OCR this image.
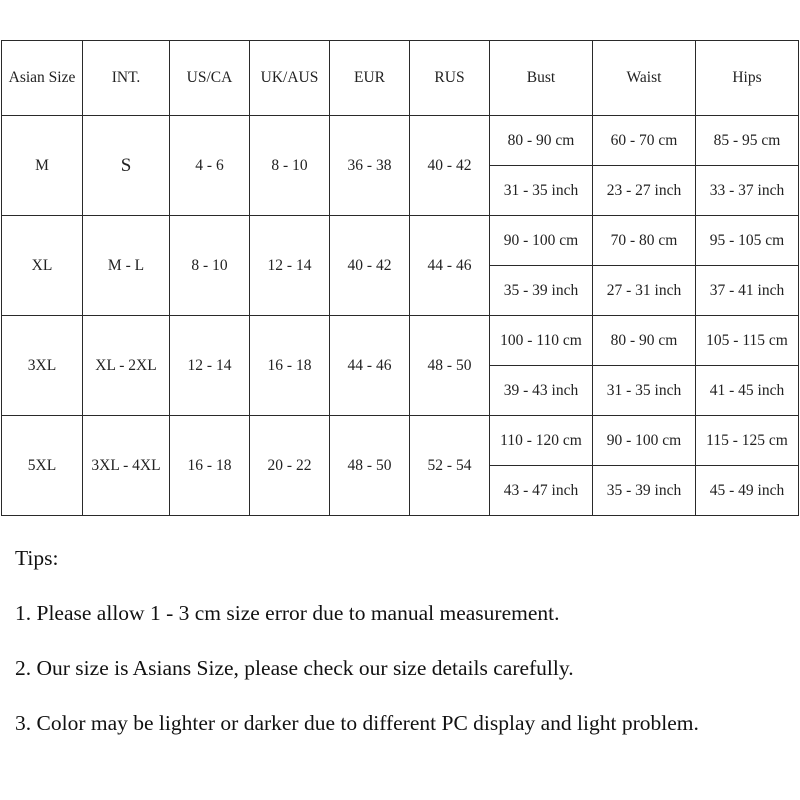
Asian Size	INT.	US/CA	UK/AUS	EUR	RUS	Bust	Waist	Hips
M	S	4 - 6	8 - 10	36 - 38	40 - 42	80 - 90 cm	60 - 70 cm	85 - 95 cm
						31 - 35 inch	23 - 27 inch	33 - 37 inch
XL	M - L	8 - 10	12 - 14	40 - 42	44 - 46	90 - 100 cm	70 - 80 cm	95 - 105 cm
						35 - 39 inch	27 - 31 inch	37 - 41 inch
3XL	XL - 2XL	12 - 14	16 - 18	44 - 46	48 - 50	100 - 110 cm	80 - 90 cm	105 - 115 cm
						39 - 43 inch	31 - 35 inch	41 - 45 inch
5XL	3XL - 4XL	16 - 18	20 - 22	48 - 50	52 - 54	110 - 120 cm	90 - 100 cm	115 - 125 cm
						43 - 47 inch	35 - 39 inch	45 - 49 inch

Tips:

1. Please allow 1 - 3 cm size error due to manual measurement.

2. Our size is Asians Size, please check our size details carefully.

3. Color may be lighter or darker due to different PC display and light problem.
